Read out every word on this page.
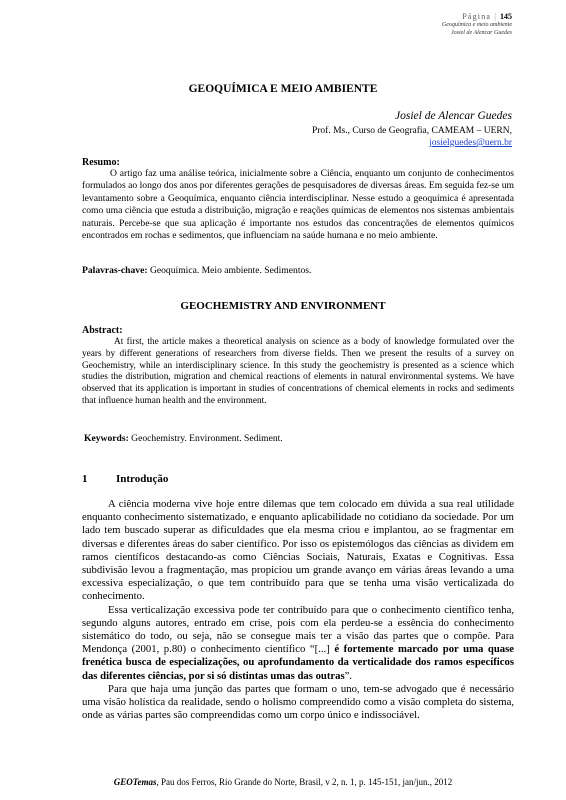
Página | 145
Geoquímica e meio ambiente
Josiel de Alencar Guedes
GEOQUÍMICA E MEIO AMBIENTE
Josiel de Alencar Guedes
Prof. Ms., Curso de Geografia, CAMEAM – UERN,
josielguedes@uern.br
Resumo:

O artigo faz uma análise teórica, inicialmente sobre a Ciência, enquanto um conjunto de conhecimentos formulados ao longo dos anos por diferentes gerações de pesquisadores de diversas áreas. Em seguida fez-se um levantamento sobre a Geoquímica, enquanto ciência interdisciplinar. Nesse estudo a geoquímica é apresentada como uma ciência que estuda a distribuição, migração e reações químicas de elementos nos sistemas ambientais naturais. Percebe-se que sua aplicação é importante nos estudos das concentrações de elementos químicos encontrados em rochas e sedimentos, que influenciam na saúde humana e no meio ambiente.

Palavras-chave: Geoquímica. Meio ambiente. Sedimentos.
GEOCHEMISTRY AND ENVIRONMENT
Abstract:

At first, the article makes a theoretical analysis on science as a body of knowledge formulated over the years by different generations of researchers from diverse fields. Then we present the results of a survey on Geochemistry, while an interdisciplinary science. In this study the geochemistry is presented as a science which studies the distribution, migration and chemical reactions of elements in natural environmental systems. We have observed that its application is important in studies of concentrations of chemical elements in rocks and sediments that influence human health and the environment.

Keywords: Geochemistry. Environment. Sediment.
1	Introdução

A ciência moderna vive hoje entre dilemas que tem colocado em dúvida a sua real utilidade enquanto conhecimento sistematizado, e enquanto aplicabilidade no cotidiano da sociedade. Por um lado tem buscado superar as dificuldades que ela mesma criou e implantou, ao se fragmentar em diversas e diferentes áreas do saber científico. Por isso os epistemólogos das ciências as dividem em ramos científicos destacando-as como Ciências Sociais, Naturais, Exatas e Cognitivas. Essa subdivisão levou a fragmentação, mas propiciou um grande avanço em várias áreas levando a uma excessiva especialização, o que tem contribuído para que se tenha uma visão verticalizada do conhecimento.

Essa verticalização excessiva pode ter contribuído para que o conhecimento científico tenha, segundo alguns autores, entrado em crise, pois com ela perdeu-se a essência do conhecimento sistemático do todo, ou seja, não se consegue mais ter a visão das partes que o compõe. Para Mendonça (2001, p.80) o conhecimento científico “[...] é fortemente marcado por uma quase frenética busca de especializações, ou aprofundamento da verticalidade dos ramos específicos das diferentes ciências, por si só distintas umas das outras”.

Para que haja uma junção das partes que formam o uno, tem-se advogado que é necessário uma visão holística da realidade, sendo o holismo compreendido como a visão completa do sistema, onde as várias partes são compreendidas como um corpo único e indissociável.

GEOTemas, Pau dos Ferros, Rio Grande do Norte, Brasil, v 2, n. 1, p. 145-151, jan/jun., 2012
